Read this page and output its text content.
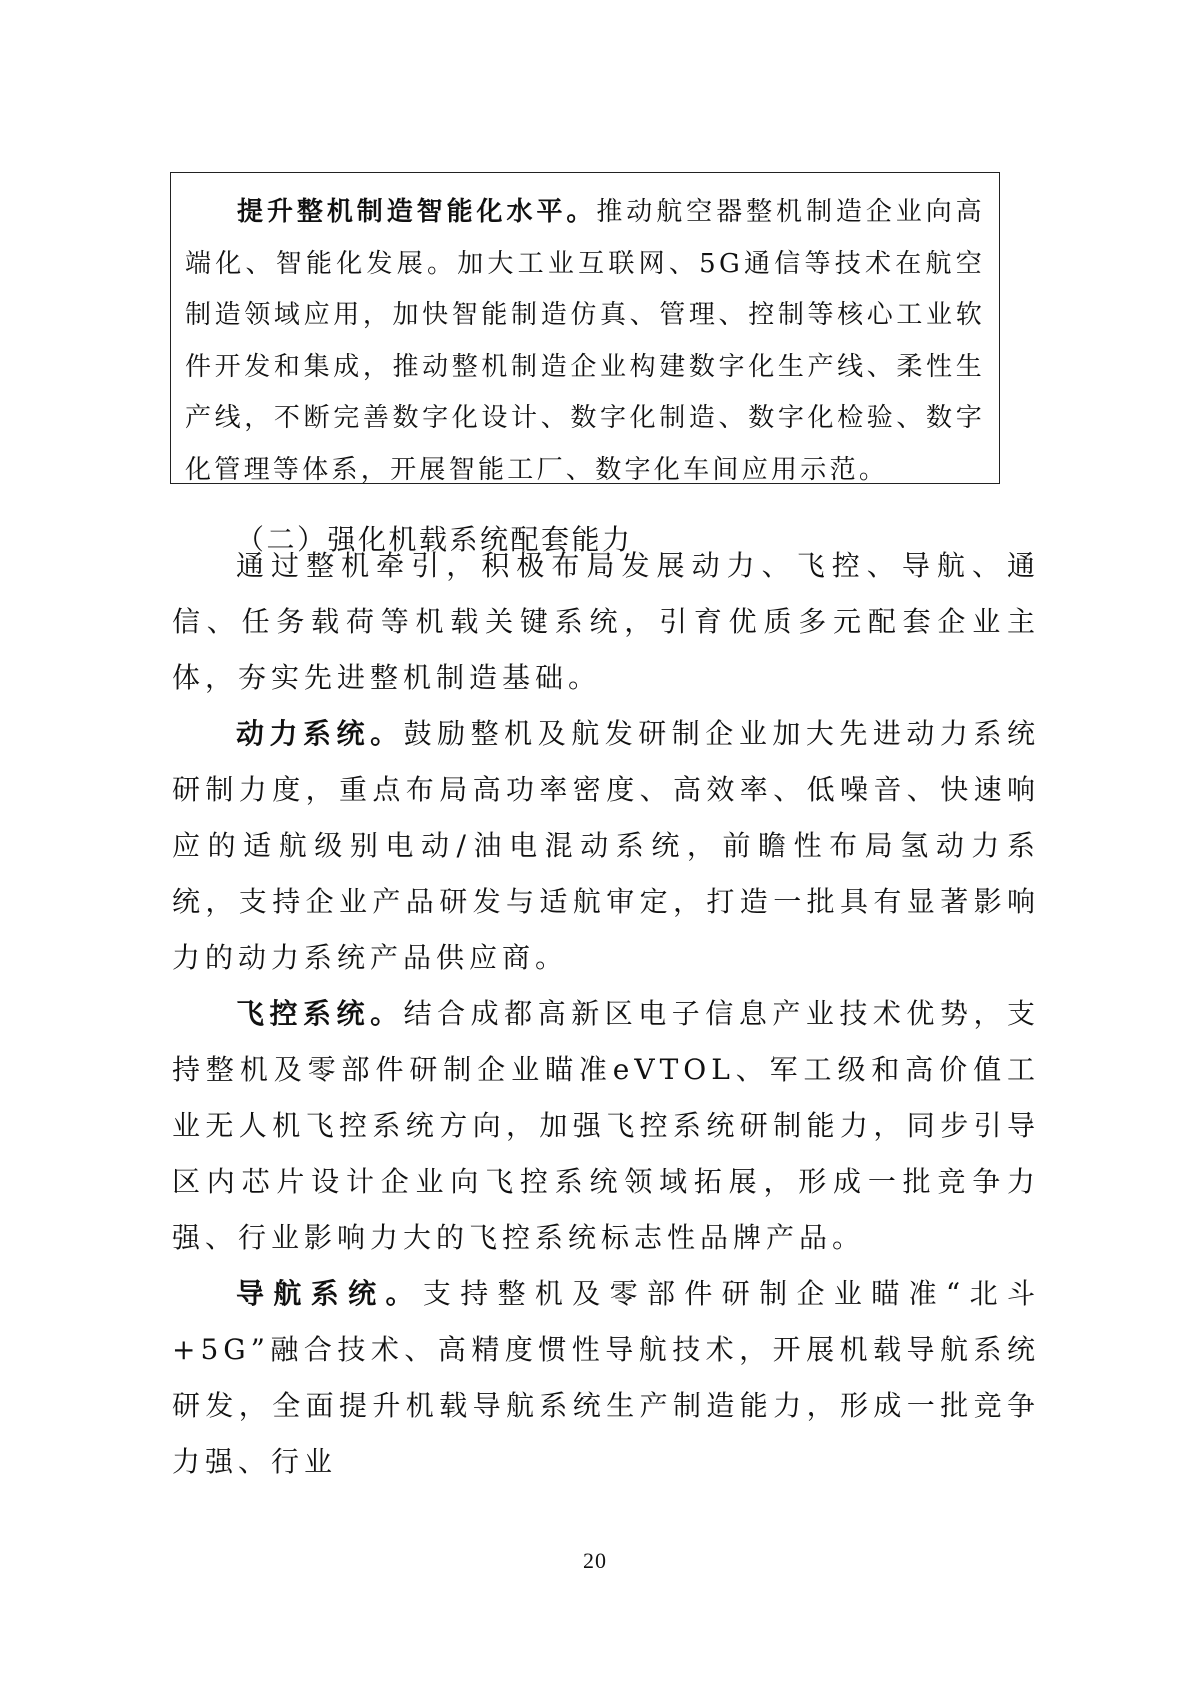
提升整机制造智能化水平。推动航空器整机制造企业向高端化、智能化发展。加大工业互联网、5G通信等技术在航空制造领域应用，加快智能制造仿真、管理、控制等核心工业软件开发和集成，推动整机制造企业构建数字化生产线、柔性生产线，不断完善数字化设计、数字化制造、数字化检验、数字化管理等体系，开展智能工厂、数字化车间应用示范。

（二）强化机载系统配套能力

通过整机牵引，积极布局发展动力、飞控、导航、通信、任务载荷等机载关键系统，引育优质多元配套企业主体，夯实先进整机制造基础。

动力系统。鼓励整机及航发研制企业加大先进动力系统研制力度，重点布局高功率密度、高效率、低噪音、快速响应的适航级别电动/油电混动系统，前瞻性布局氢动力系统，支持企业产品研发与适航审定，打造一批具有显著影响力的动力系统产品供应商。

飞控系统。结合成都高新区电子信息产业技术优势，支持整机及零部件研制企业瞄准eVTOL、军工级和高价值工业无人机飞控系统方向，加强飞控系统研制能力，同步引导区内芯片设计企业向飞控系统领域拓展，形成一批竞争力强、行业影响力大的飞控系统标志性品牌产品。

导航系统。支持整机及零部件研制企业瞄准“北斗+5G”融合技术、高精度惯性导航技术，开展机载导航系统研发，全面提升机载导航系统生产制造能力，形成一批竞争力强、行业

20
